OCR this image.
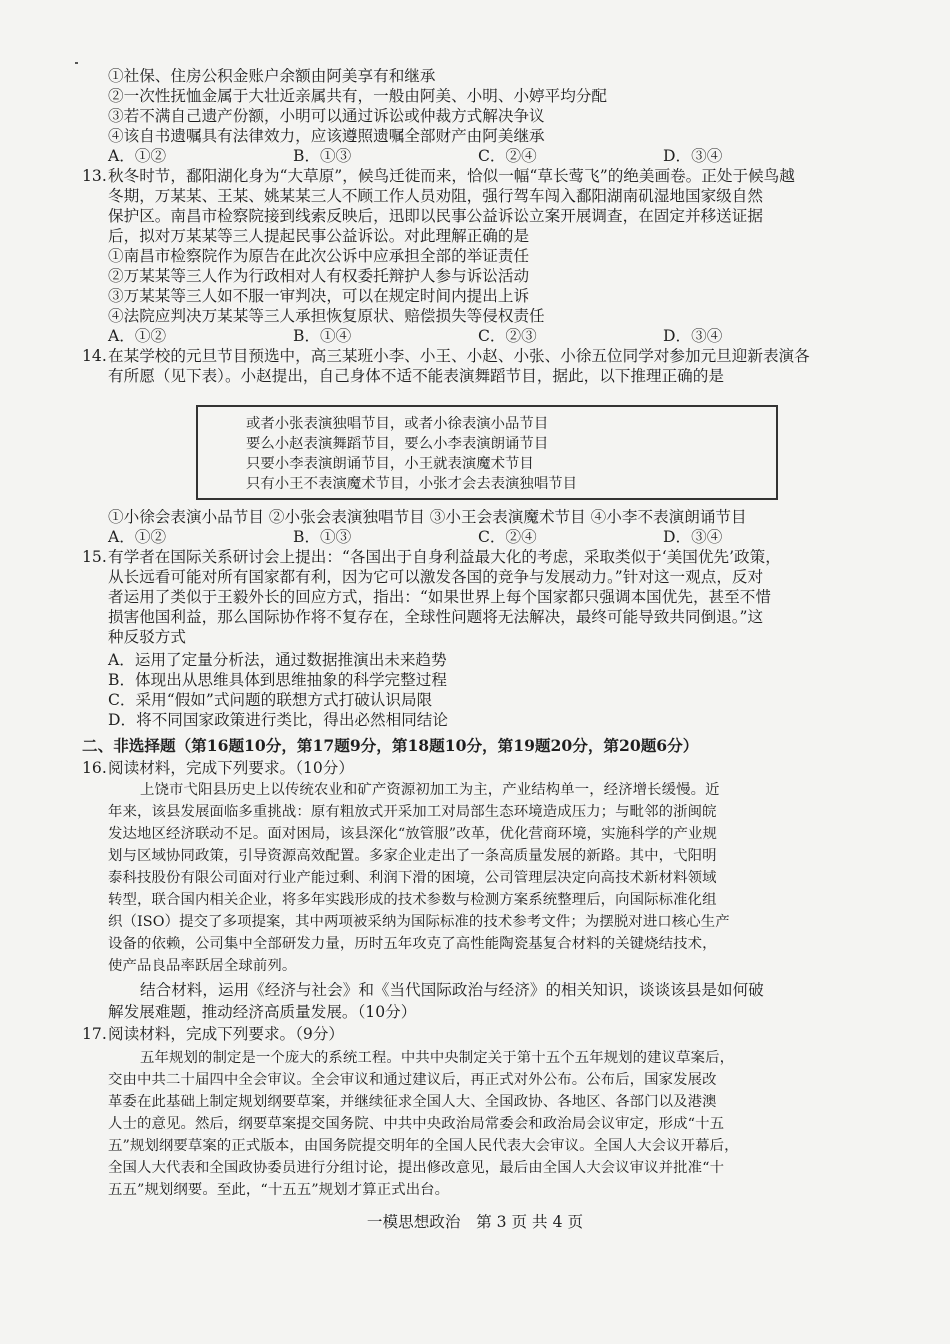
①社保、住房公积金账户余额由阿美享有和继承
②一次性抚恤金属于大壮近亲属共有，一般由阿美、小明、小婷平均分配
③若不满自己遗产份额，小明可以通过诉讼或仲裁方式解决争议
④该自书遗嘱具有法律效力，应该遵照遗嘱全部财产由阿美继承
A．①②	B．①③	C．②④	D．③④
13. 秋冬时节，鄱阳湖化身为“大草原”，候鸟迁徙而来，恰似一幅“草长莺飞”的绝美画卷。正处于候鸟越
冬期，万某某、王某、姚某某三人不顾工作人员劝阻，强行驾车闯入鄱阳湖南矶湿地国家级自然
保护区。南昌市检察院接到线索反映后，迅即以民事公益诉讼立案开展调查，在固定并移送证据
后，拟对万某某等三人提起民事公益诉讼。对此理解正确的是
①南昌市检察院作为原告在此次公诉中应承担全部的举证责任
②万某某等三人作为行政相对人有权委托辩护人参与诉讼活动
③万某某等三人如不服一审判决，可以在规定时间内提出上诉
④法院应判决万某某等三人承担恢复原状、赔偿损失等侵权责任
A．①②	B．①④	C．②③	D．③④
14. 在某学校的元旦节目预选中，高三某班小李、小王、小赵、小张、小徐五位同学对参加元旦迎新表演各
有所愿（见下表）。小赵提出，自己身体不适不能表演舞蹈节目，据此，以下推理正确的是
或者小张表演独唱节目，或者小徐表演小品节目
要么小赵表演舞蹈节目，要么小李表演朗诵节目
只要小李表演朗诵节目，小王就表演魔术节目
只有小王不表演魔术节目，小张才会去表演独唱节目
①小徐会表演小品节目 ②小张会表演独唱节目 ③小王会表演魔术节目 ④小李不表演朗诵节目
A．①②	B．①③	C．②④	D．③④
15. 有学者在国际关系研讨会上提出：“各国出于自身利益最大化的考虑，采取类似于‘美国优先’政策，
从长远看可能对所有国家都有利，因为它可以激发各国的竞争与发展动力。”针对这一观点，反对
者运用了类似于王毅外长的回应方式，指出：“如果世界上每个国家都只强调本国优先，甚至不惜
损害他国利益，那么国际协作将不复存在，全球性问题将无法解决，最终可能导致共同倒退。”这
种反驳方式
A．运用了定量分析法，通过数据推演出未来趋势
B．体现出从思维具体到思维抽象的科学完整过程
C．采用“假如”式问题的联想方式打破认识局限
D．将不同国家政策进行类比，得出必然相同结论
二、非选择题（第16题10分，第17题9分，第18题10分，第19题20分，第20题6分）
16. 阅读材料，完成下列要求。（10分）
上饶市弋阳县历史上以传统农业和矿产资源初加工为主，产业结构单一，经济增长缓慢。近
年来，该县发展面临多重挑战：原有粗放式开采加工对局部生态环境造成压力；与毗邻的浙闽皖
发达地区经济联动不足。面对困局，该县深化“放管服”改革，优化营商环境，实施科学的产业规
划与区域协同政策，引导资源高效配置。多家企业走出了一条高质量发展的新路。其中，弋阳明
泰科技股份有限公司面对行业产能过剩、利润下滑的困境，公司管理层决定向高技术新材料领域
转型，联合国内相关企业，将多年实践形成的技术参数与检测方案系统整理后，向国际标准化组
织（ISO）提交了多项提案，其中两项被采纳为国际标准的技术参考文件；为摆脱对进口核心生产
设备的依赖，公司集中全部研发力量，历时五年攻克了高性能陶瓷基复合材料的关键烧结技术，
使产品良品率跃居全球前列。
结合材料，运用《经济与社会》和《当代国际政治与经济》的相关知识，谈谈该县是如何破
解发展难题，推动经济高质量发展。（10分）
17. 阅读材料，完成下列要求。（9分）
五年规划的制定是一个庞大的系统工程。中共中央制定关于第十五个五年规划的建议草案后，
交由中共二十届四中全会审议。全会审议和通过建议后，再正式对外公布。公布后，国家发展改
革委在此基础上制定规划纲要草案，并继续征求全国人大、全国政协、各地区、各部门以及港澳
人士的意见。然后，纲要草案提交国务院、中共中央政治局常委会和政治局会议审定，形成“十五
五”规划纲要草案的正式版本，由国务院提交明年的全国人民代表大会审议。全国人大会议开幕后，
全国人大代表和全国政协委员进行分组讨论，提出修改意见，最后由全国人大会议审议并批准“十
五五”规划纲要。至此，“十五五”规划才算正式出台。
一模思想政治　第 3 页 共 4 页
